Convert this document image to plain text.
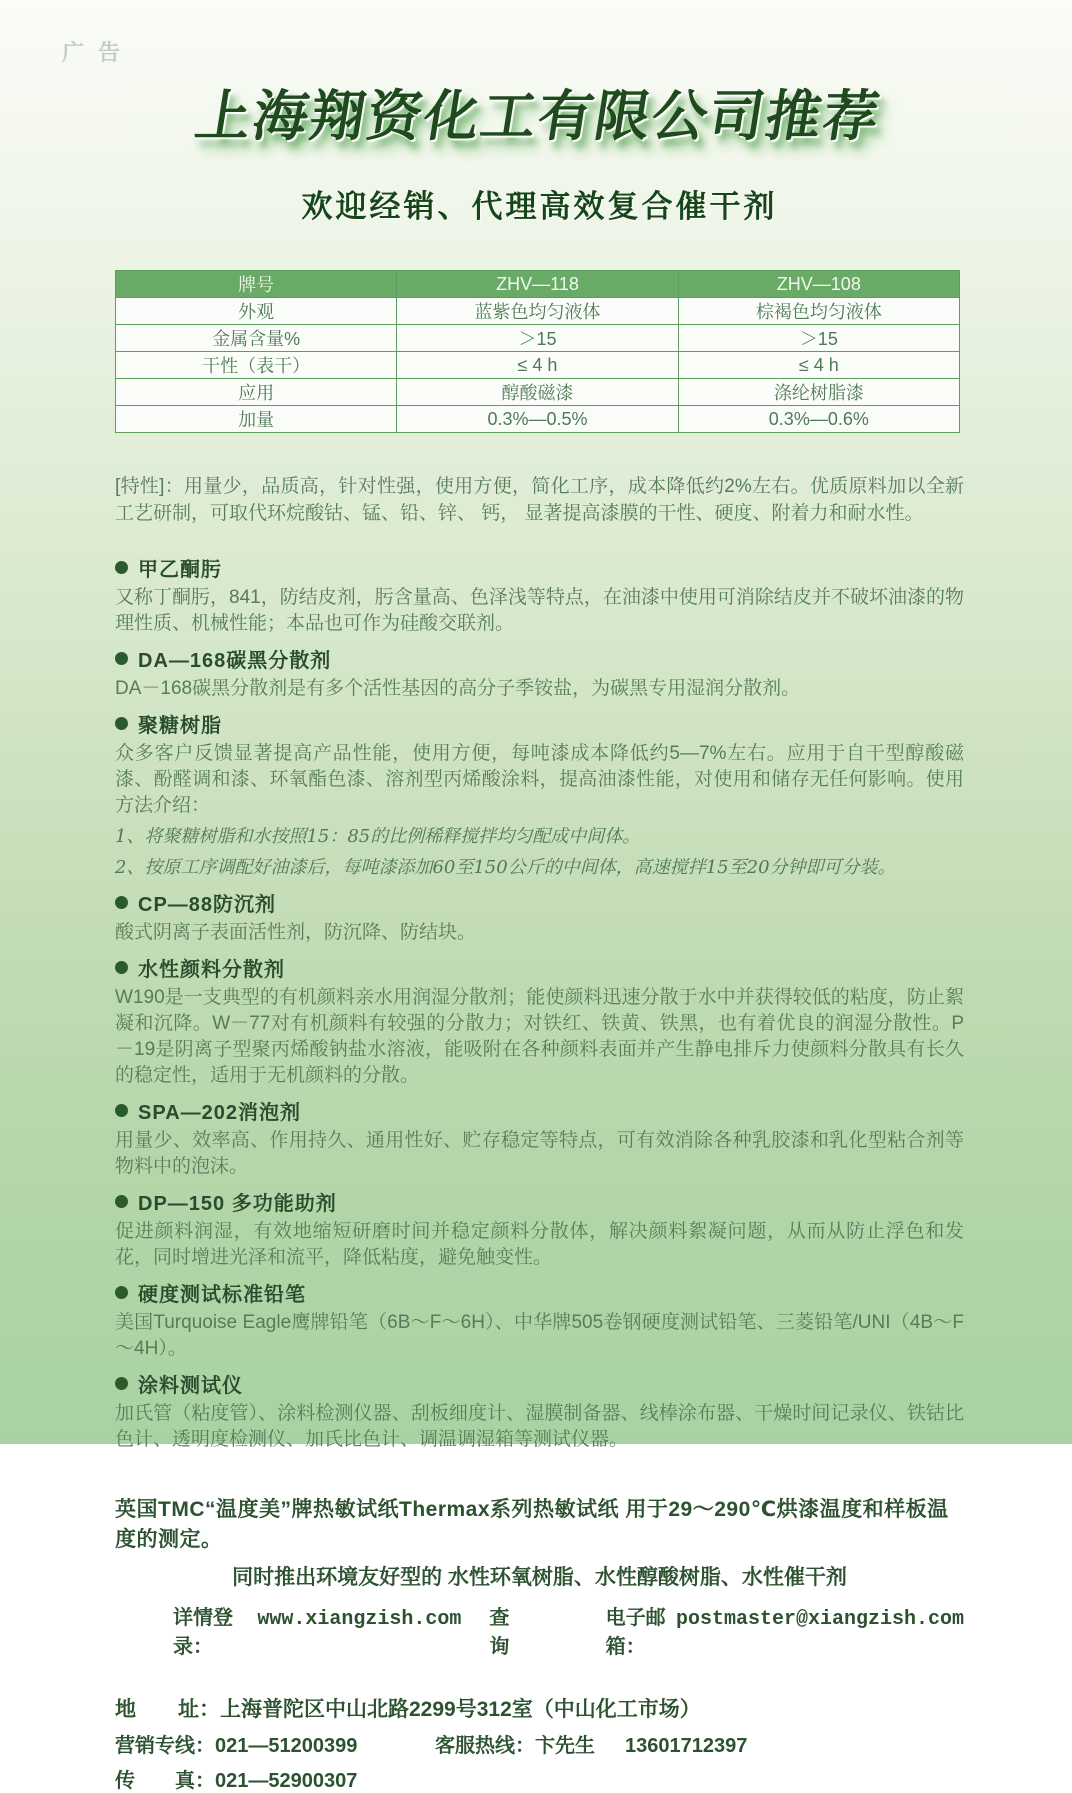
广告
上海翔资化工有限公司推荐
欢迎经销、代理高效复合催干剂
牌号	ZHV—118	ZHV—108
外观	蓝紫色均匀液体	棕褐色均匀液体
金属含量%	＞15	＞15
干性（表干）	≤ 4 h	≤ 4 h
应用	醇酸磁漆	涤纶树脂漆
加量	0.3%—0.5%	0.3%—0.6%
[特性]：用量少，品质高，针对性强，使用方便，简化工序，成本降低约2%左右。优质原料加以全新工艺研制，可取代环烷酸钴、锰、铅、锌、 钙， 显著提高漆膜的干性、硬度、附着力和耐水性。
甲乙酮肟
又称丁酮肟，841，防结皮剂，肟含量高、色泽浅等特点，在油漆中使用可消除结皮并不破坏油漆的物理性质、机械性能；本品也可作为硅酸交联剂。
DA—168碳黑分散剂
DA－168碳黑分散剂是有多个活性基因的高分子季铵盐，为碳黑专用湿润分散剂。
聚糖树脂
众多客户反馈显著提高产品性能，使用方便，每吨漆成本降低约5—7%左右。应用于自干型醇酸磁漆、酚醛调和漆、环氧酯色漆、溶剂型丙烯酸涂料，提高油漆性能，对使用和储存无任何影响。使用方法介绍：
1、将聚糖树脂和水按照15：85的比例稀释搅拌均匀配成中间体。
2、按原工序调配好油漆后，每吨漆添加60至150公斤的中间体，高速搅拌15至20分钟即可分装。
CP—88防沉剂
酸式阴离子表面活性剂，防沉降、防结块。
水性颜料分散剂
W190是一支典型的有机颜料亲水用润湿分散剂；能使颜料迅速分散于水中并获得较低的粘度，防止絮凝和沉降。W－77对有机颜料有较强的分散力；对铁红、铁黄、铁黑，也有着优良的润湿分散性。P－19是阴离子型聚丙烯酸钠盐水溶液，能吸附在各种颜料表面并产生静电排斥力使颜料分散具有长久的稳定性，适用于无机颜料的分散。
SPA—202消泡剂
用量少、效率高、作用持久、通用性好、贮存稳定等特点，可有效消除各种乳胶漆和乳化型粘合剂等物料中的泡沫。
DP—150 多功能助剂
促进颜料润湿，有效地缩短研磨时间并稳定颜料分散体，解决颜料絮凝问题，从而从防止浮色和发花，同时增进光泽和流平，降低粘度，避免触变性。
硬度测试标准铅笔
美国Turquoise Eagle鹰牌铅笔（6B～F～6H）、中华牌505卷钢硬度测试铅笔、三菱铅笔/UNI（4B～F～4H）。
涂料测试仪
加氏管（粘度管）、涂料检测仪器、刮板细度计、湿膜制备器、线棒涂布器、干燥时间记录仪、铁钴比色计、透明度检测仪、加氏比色计、调温调湿箱等测试仪器。
英国TMC“温度美”牌热敏试纸Thermax系列热敏试纸 用于29～290℃烘漆温度和样板温度的测定。
同时推出环境友好型的 水性环氧树脂、水性醇酸树脂、水性催干剂
详情登录：
www.xiangzish.com 查询
电子邮箱：
postmaster@xiangzish.com
地　　址： 上海普陀区中山北路2299号312室（中山化工市场）
营销专线： 021—51200399	客服热线： 卞先生 13601712397
传　　真： 021—52900307
